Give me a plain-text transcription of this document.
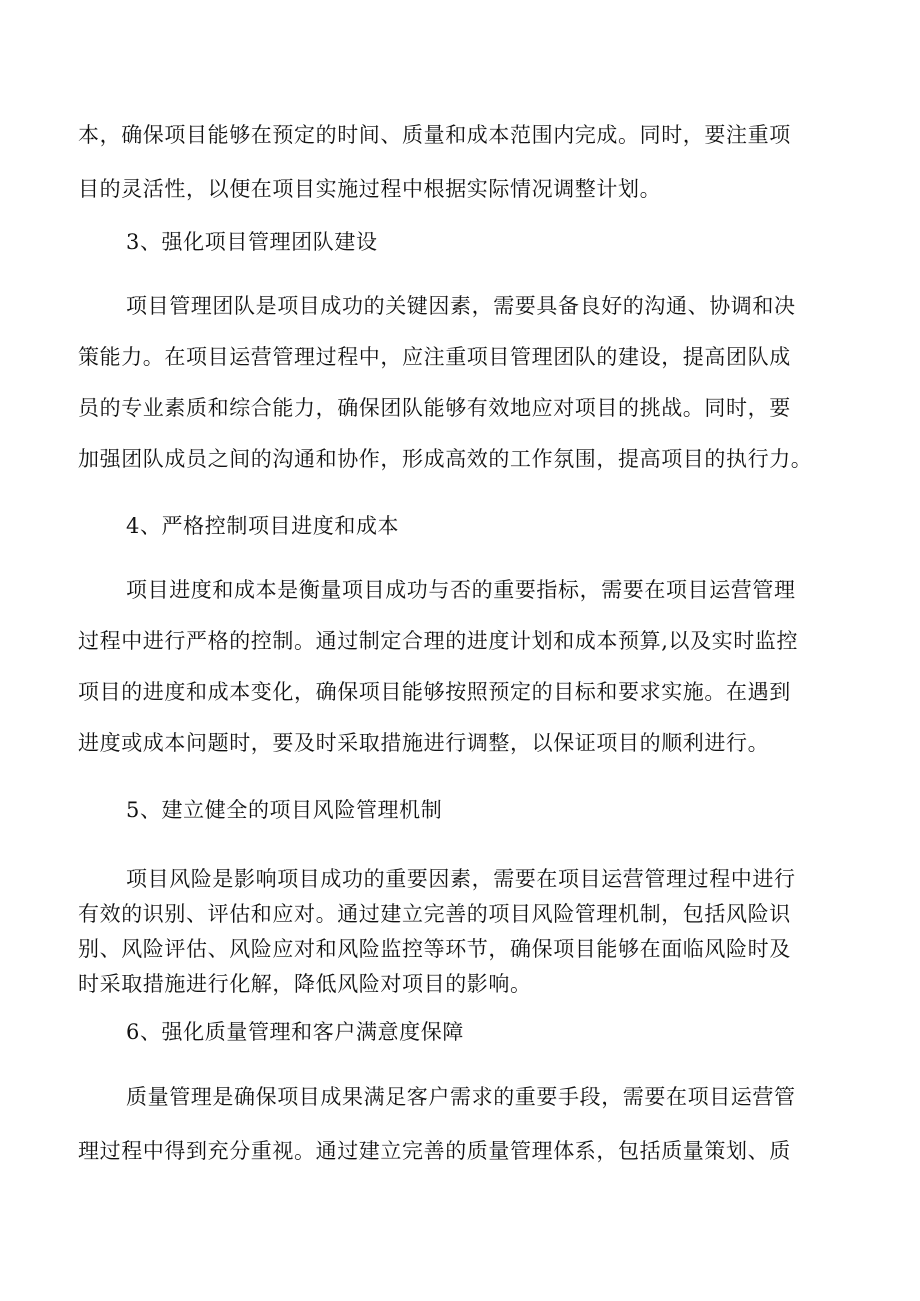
本，确保项目能够在预定的时间、质量和成本范围内完成。同时，要注重项
目的灵活性，以便在项目实施过程中根据实际情况调整计划。
3、强化项目管理团队建设
项目管理团队是项目成功的关键因素，需要具备良好的沟通、协调和决
策能力。在项目运营管理过程中，应注重项目管理团队的建设，提高团队成
员的专业素质和综合能力，确保团队能够有效地应对项目的挑战。同时，要
加强团队成员之间的沟通和协作，形成高效的工作氛围，提高项目的执行力。
4、严格控制项目进度和成本
项目进度和成本是衡量项目成功与否的重要指标，需要在项目运营管理
过程中进行严格的控制。通过制定合理的进度计划和成本预算,以及实时监控
项目的进度和成本变化，确保项目能够按照预定的目标和要求实施。在遇到
进度或成本问题时，要及时采取措施进行调整，以保证项目的顺利进行。
5、建立健全的项目风险管理机制
项目风险是影响项目成功的重要因素，需要在项目运营管理过程中进行
有效的识别、评估和应对。通过建立完善的项目风险管理机制，包括风险识
别、风险评估、风险应对和风险监控等环节，确保项目能够在面临风险时及
时采取措施进行化解，降低风险对项目的影响。
6、强化质量管理和客户满意度保障
质量管理是确保项目成果满足客户需求的重要手段，需要在项目运营管
理过程中得到充分重视。通过建立完善的质量管理体系，包括质量策划、质
